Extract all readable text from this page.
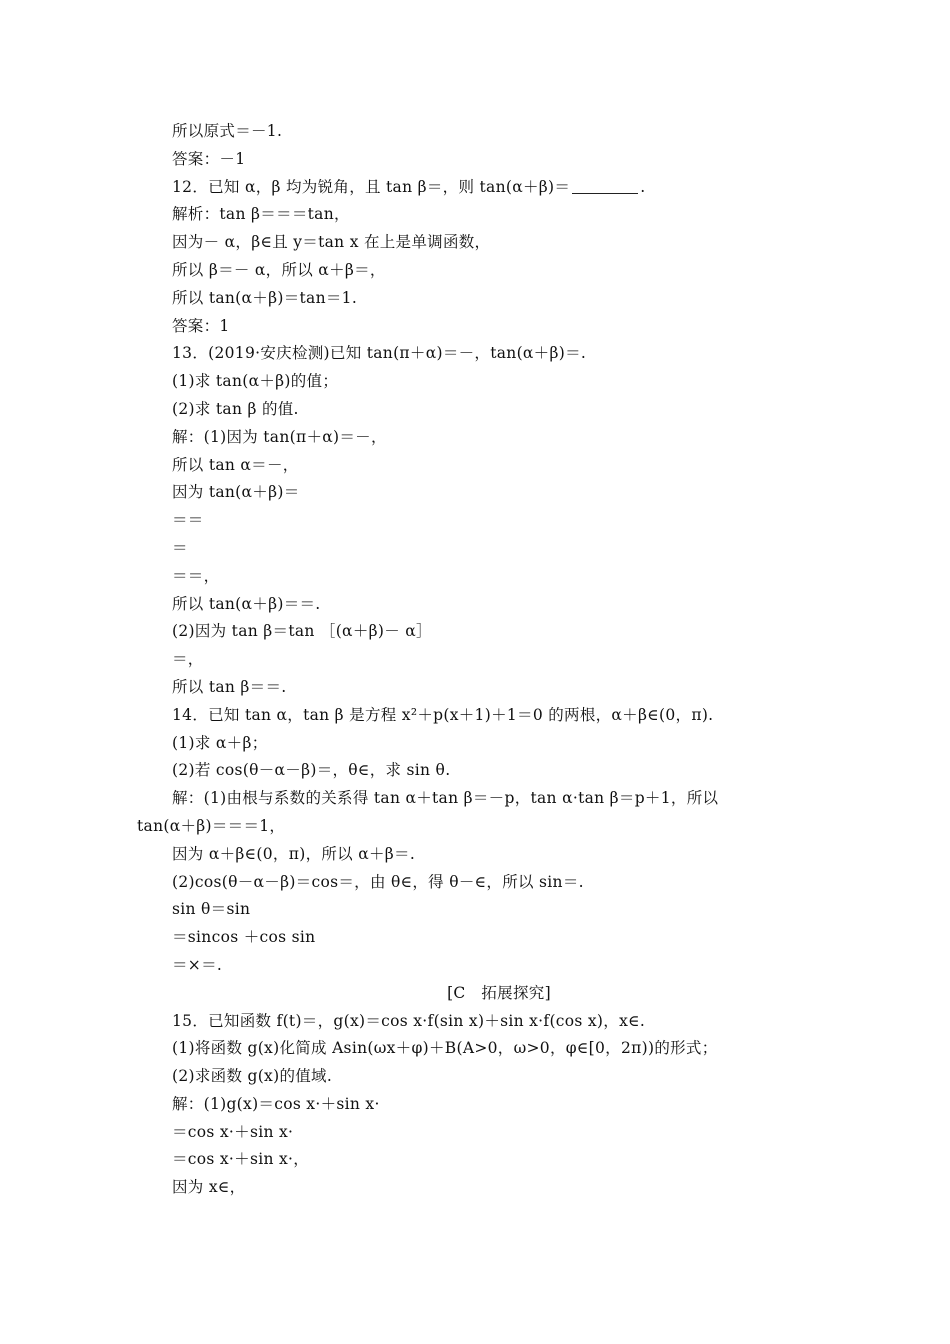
所以原式＝－1.
答案：－1
12．已知 α，β 均为锐角，且 tan β＝，则 tan(α＋β)＝	.
解析：tan β＝＝＝tan，
因为－ α，β∈且 y＝tan x 在上是单调函数，
所以 β＝－ α，所以 α＋β＝，
所以 tan(α＋β)＝tan＝1.
答案：1
13．(2019·安庆检测)已知 tan(π＋α)＝－，tan(α＋β)＝.
(1)求 tan(α＋β)的值；
(2)求 tan β 的值.
解：(1)因为 tan(π＋α)＝－，
所以 tan α＝－，
因为 tan(α＋β)＝
＝＝
＝
＝＝，
所以 tan(α＋β)＝＝.
(2)因为 tan β＝tan ［(α＋β)－ α］
＝，
所以 tan β＝＝.
14．已知 tan α，tan β 是方程 x²＋p(x＋1)＋1＝0 的两根，α＋β∈(0，π).
(1)求 α＋β；
(2)若 cos(θ－α－β)＝，θ∈，求 sin θ.
解：(1)由根与系数的关系得 tan α＋tan β＝－p，tan α·tan β＝p＋1，所以
tan(α＋β)＝＝＝1，
因为 α＋β∈(0，π)，所以 α＋β＝.
(2)cos(θ－α－β)＝cos＝，由 θ∈，得 θ－∈，所以 sin＝.
sin θ＝sin
＝sincos ＋cos sin
＝×＝.
[C　拓展探究]
15．已知函数 f(t)＝，g(x)＝cos x·f(sin x)＋sin x·f(cos x)，x∈.
(1)将函数 g(x)化简成 Asin(ωx＋φ)＋B(A>0，ω>0，φ∈[0，2π))的形式；
(2)求函数 g(x)的值域.
解：(1)g(x)＝cos x·＋sin x·
＝cos x·＋sin x·
＝cos x·＋sin x·，
因为 x∈，
